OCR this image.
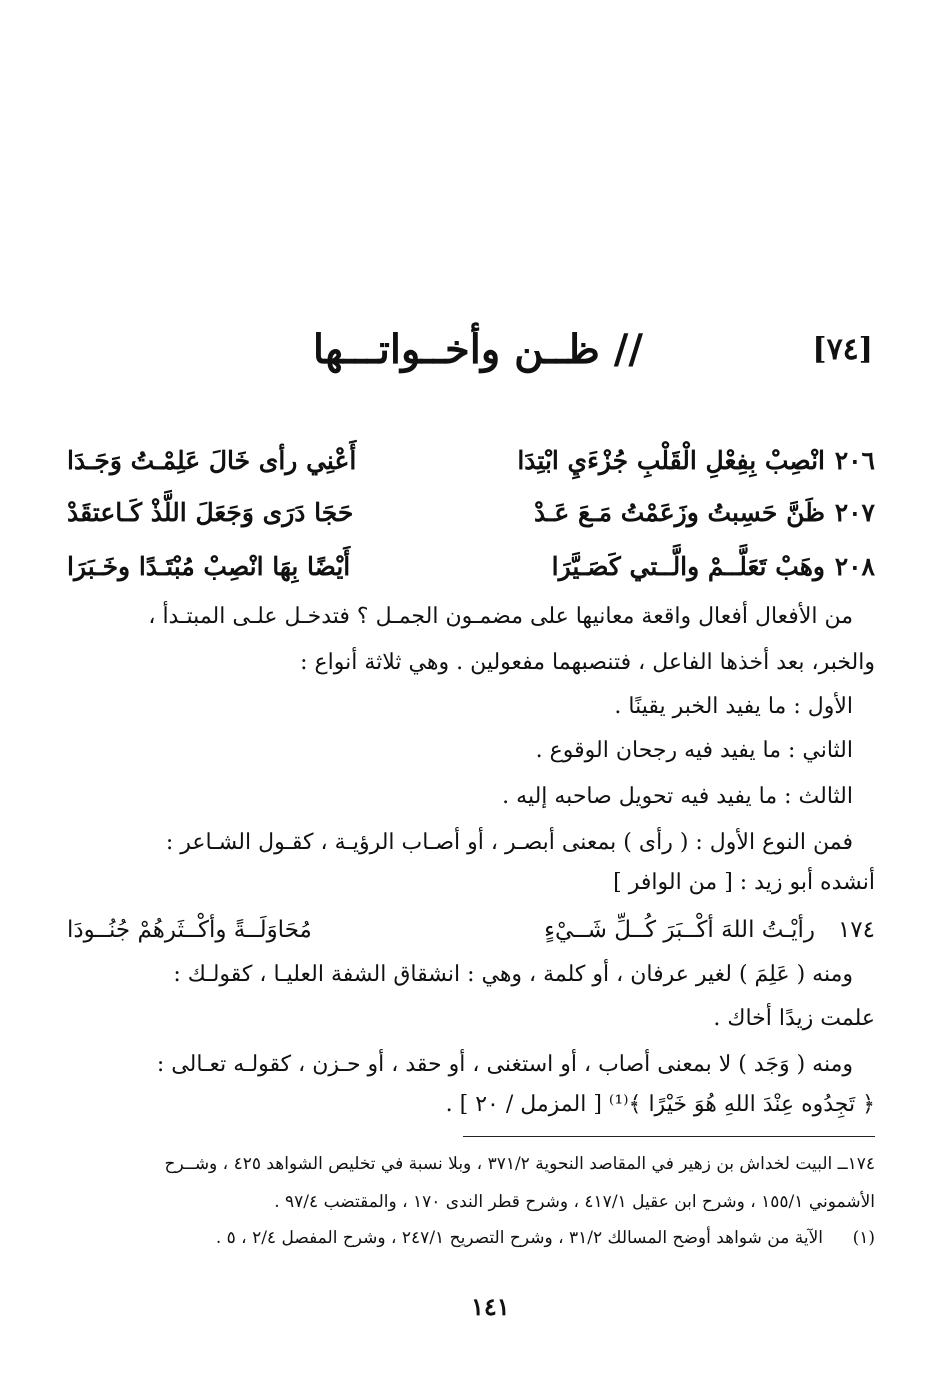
[٧٤]
// ظــن وأخــواتـــها
٢٠٦
انْصِبْ بِفِعْلِ الْقَلْبِ جُزْءَيِ ابْتِدَا
أَعْنِي رأى خَالَ عَلِمْـتُ وَجَـدَا
٢٠٧
ظَنَّ حَسِبتُ وزَعَمْتُ مَـعَ عَـدْ
حَجَا دَرَى وَجَعَلَ اللَّذْ كَـاعتقَدْ
٢٠٨
وهَبْ تَعَلَّــمْ والَّــتي كَصَـيَّرَا
أَيْضًا بِهَا انْصِبْ مُبْتَـدًا وخَـبَرَا
من الأفعال أفعال واقعة معانيها على مضمـون الجمـل ؟ فتدخـل علـى المبتـدأ ،
والخبر، بعد أخذها الفاعل ، فتنصبهما مفعولين . وهي ثلاثة أنواع :
الأول : ما يفيد الخبر يقينًا .
الثاني : ما يفيد فيه رجحان الوقوع .
الثالث : ما يفيد فيه تحويل صاحبه إليه .
فمن النوع الأول : ( رأى ) بمعنى أبصـر ، أو أصـاب الرؤيـة ، كقـول الشـاعر :
أنشده أبو زيد : [ من الوافر ]
١٧٤
رأيْـتُ اللهَ أكْــبَرَ كُــلِّ شَــيْءٍ
مُحَاوَلَــةً وأكْــثَرهُمْ جُنُــودَا
ومنه ( عَلِمَ ) لغير عرفان ، أو كلمة ، وهي : انشقاق الشفة العليـا ، كقولـك :
علمت زيدًا أخاك .
ومنه ( وَجَد ) لا بمعنى أصاب ، أو استغنى ، أو حقد ، أو حـزن ، كقولـه تعـالى :
﴿ تَجِدُوه عِنْدَ اللهِ هُوَ خَيْرًا ﴾⁽¹⁾ [ المزمل / ٢٠ ] .
١٧٤ــ البيت لخداش بن زهير في المقاصد النحوية ٣٧١/٢ ، وبلا نسبة في تخليص الشواهد ٤٢٥ ، وشــرح
الأشموني ١٥٥/١ ، وشرح ابن عقيل ٤١٧/١ ، وشرح قطر الندى ١٧٠ ، والمقتضب ٩٧/٤ .
(١)
الآية من شواهد أوضح المسالك ٣١/٢ ، وشرح التصريح ٢٤٧/١ ، وشرح المفصل ٢/٤ ، ٥ .
١٤١
